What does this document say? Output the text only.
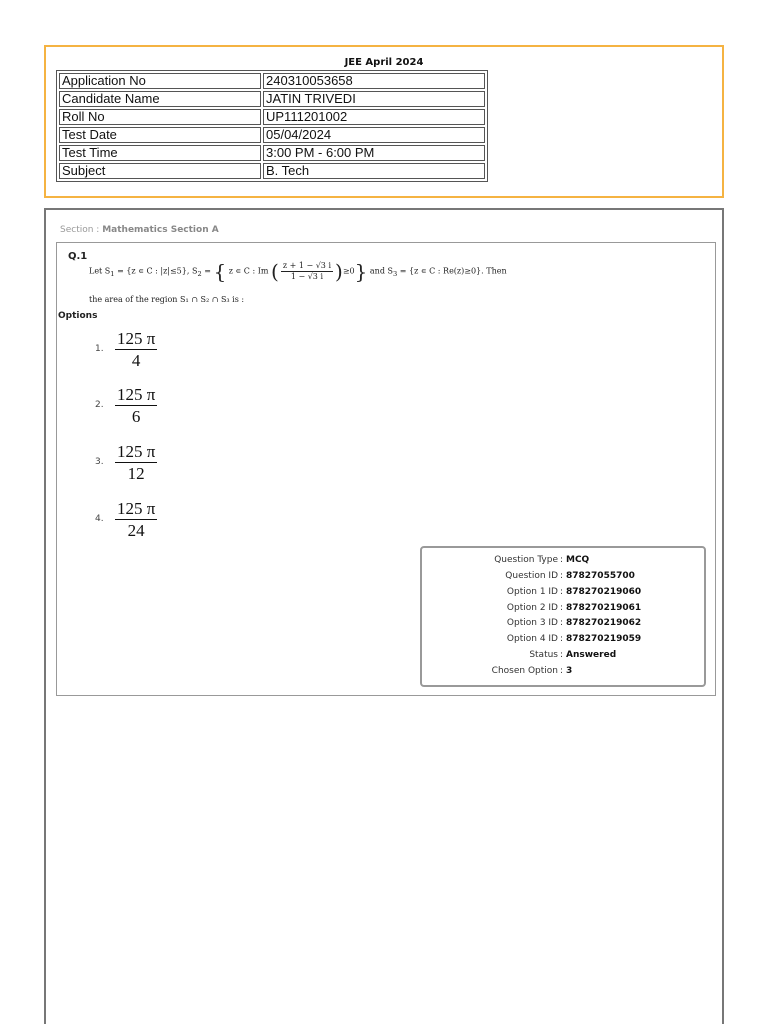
JEE April 2024
Application No	240310053658
Candidate Name	JATIN TRIVEDI
Roll No	UP111201002
Test Date	05/04/2024
Test Time	3:00 PM - 6:00 PM
Subject	B. Tech
Section : Mathematics Section A
Q.1
Let $S_1 = \{z$ ∊ C : |z|≤5}, $S_2$ = { z ∊ C : Im ( $\frac{z + 1 - √3 i}{1 - √3 i} )\ge 0$} and $S_3 = \{z$ ∊ C : Re(z)≥0}. Then
the area of the region S₁ ∩ S₂ ∩ S₃ is :
Options
1. $\frac{125 \pi}{4}$
2. $\frac{125 \pi}{6}$
3. $\frac{125 \pi}{12}$
4. $\frac{125 \pi}{24}$
Question Type : MCQ
Question ID : 87827055700
Option 1 ID : 878270219060
Option 2 ID : 878270219061
Option 3 ID : 878270219062
Option 4 ID : 878270219059
Status : Answered
Chosen Option : 3
